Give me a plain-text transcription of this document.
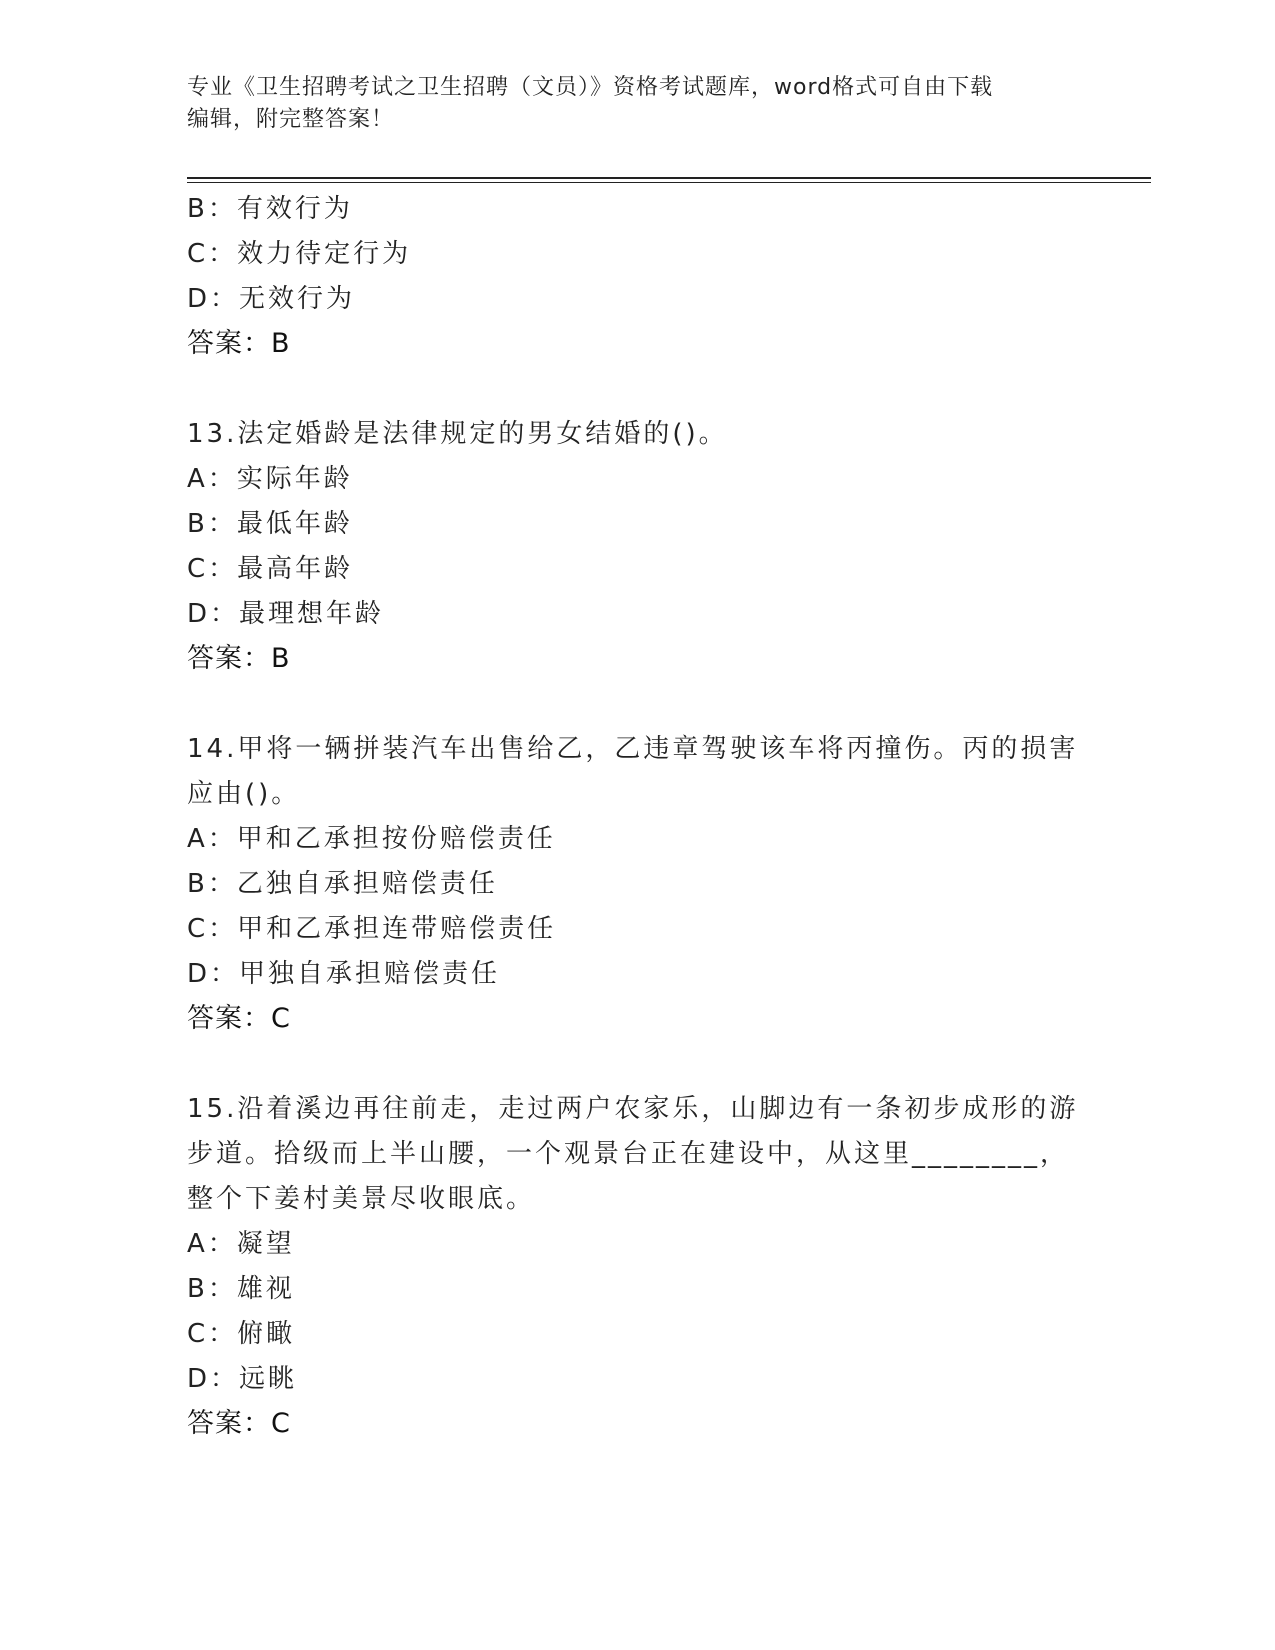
专业《卫生招聘考试之卫生招聘（文员）》资格考试题库，word格式可自由下载
编辑，附完整答案！
B：有效行为
C：效力待定行为
D：无效行为
答案：B
13.法定婚龄是法律规定的男女结婚的()。
A：实际年龄
B：最低年龄
C：最高年龄
D：最理想年龄
答案：B
14.甲将一辆拼装汽车出售给乙，乙违章驾驶该车将丙撞伤。丙的损害
应由()。
A：甲和乙承担按份赔偿责任
B：乙独自承担赔偿责任
C：甲和乙承担连带赔偿责任
D：甲独自承担赔偿责任
答案：C
15.沿着溪边再往前走，走过两户农家乐，山脚边有一条初步成形的游
步道。拾级而上半山腰，一个观景台正在建设中，从这里________，
整个下姜村美景尽收眼底。
A：凝望
B：雄视
C：俯瞰
D：远眺
答案：C
